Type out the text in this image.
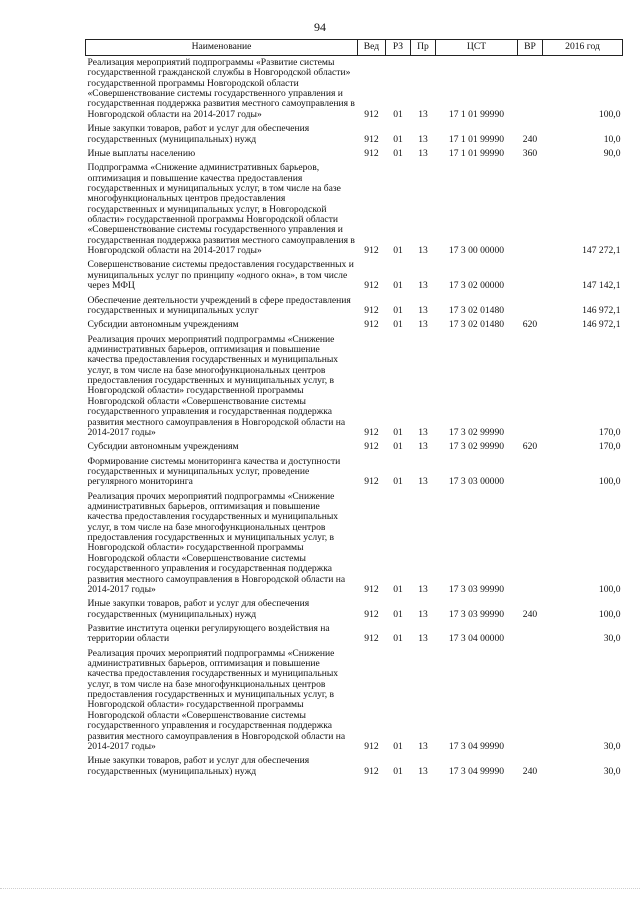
94
Наименование	Вед	РЗ	Пр	ЦСТ	ВР	2016 год
Реализация мероприятий подпрограммы «Развитие системы государственной гражданской службы в Новгородской области» государственной программы Новгородской области «Совершенствование системы государственного управления и государственная поддержка развития местного самоуправления в Новгородской области на 2014-2017 годы»	912	01	13	17 1 01 99990		100,0
Иные закупки товаров, работ и услуг для обеспечения государственных (муниципальных) нужд	912	01	13	17 1 01 99990	240	10,0
Иные выплаты населению	912	01	13	17 1 01 99990	360	90,0
Подпрограмма «Снижение административных барьеров, оптимизация и повышение качества предоставления государственных и муниципальных услуг, в том числе на базе многофункциональных центров предоставления государственных и муниципальных услуг, в Новгородской области» государственной программы Новгородской области «Совершенствование системы государственного управления и государственная поддержка развития местного самоуправления в Новгородской области на 2014-2017 годы»	912	01	13	17 3 00 00000		147 272,1
Совершенствование системы предоставления государственных и муниципальных услуг по принципу «одного окна», в том числе через МФЦ	912	01	13	17 3 02 00000		147 142,1
Обеспечение деятельности учреждений в сфере предоставления государственных и муниципальных услуг	912	01	13	17 3 02 01480		146 972,1
Субсидии автономным учреждениям	912	01	13	17 3 02 01480	620	146 972,1
Реализация прочих мероприятий подпрограммы «Снижение административных барьеров, оптимизация и повышение качества предоставления государственных и муниципальных услуг, в том числе на базе многофункциональных центров предоставления государственных и муниципальных услуг, в Новгородской области» государственной программы Новгородской области «Совершенствование системы государственного управления и государственная поддержка развития местного самоуправления в Новгородской области на 2014-2017 годы»	912	01	13	17 3 02 99990		170,0
Субсидии автономным учреждениям	912	01	13	17 3 02 99990	620	170,0
Формирование системы мониторинга качества и доступности государственных и муниципальных услуг, проведение регулярного мониторинга	912	01	13	17 3 03 00000		100,0
Реализация прочих мероприятий подпрограммы «Снижение административных барьеров, оптимизация и повышение качества предоставления государственных и муниципальных услуг, в том числе на базе многофункциональных центров предоставления государственных и муниципальных услуг, в Новгородской области» государственной программы Новгородской области «Совершенствование системы государственного управления и государственная поддержка развития местного самоуправления в Новгородской области на 2014-2017 годы»	912	01	13	17 3 03 99990		100,0
Иные закупки товаров, работ и услуг для обеспечения государственных (муниципальных) нужд	912	01	13	17 3 03 99990	240	100,0
Развитие института оценки регулирующего воздействия на территории области	912	01	13	17 3 04 00000		30,0
Реализация прочих мероприятий подпрограммы «Снижение административных барьеров, оптимизация и повышение качества предоставления государственных и муниципальных услуг, в том числе на базе многофункциональных центров предоставления государственных и муниципальных услуг, в Новгородской области» государственной программы Новгородской области «Совершенствование системы государственного управления и государственная поддержка развития местного самоуправления в Новгородской области на 2014-2017 годы»	912	01	13	17 3 04 99990		30,0
Иные закупки товаров, работ и услуг для обеспечения государственных (муниципальных) нужд	912	01	13	17 3 04 99990	240	30,0
